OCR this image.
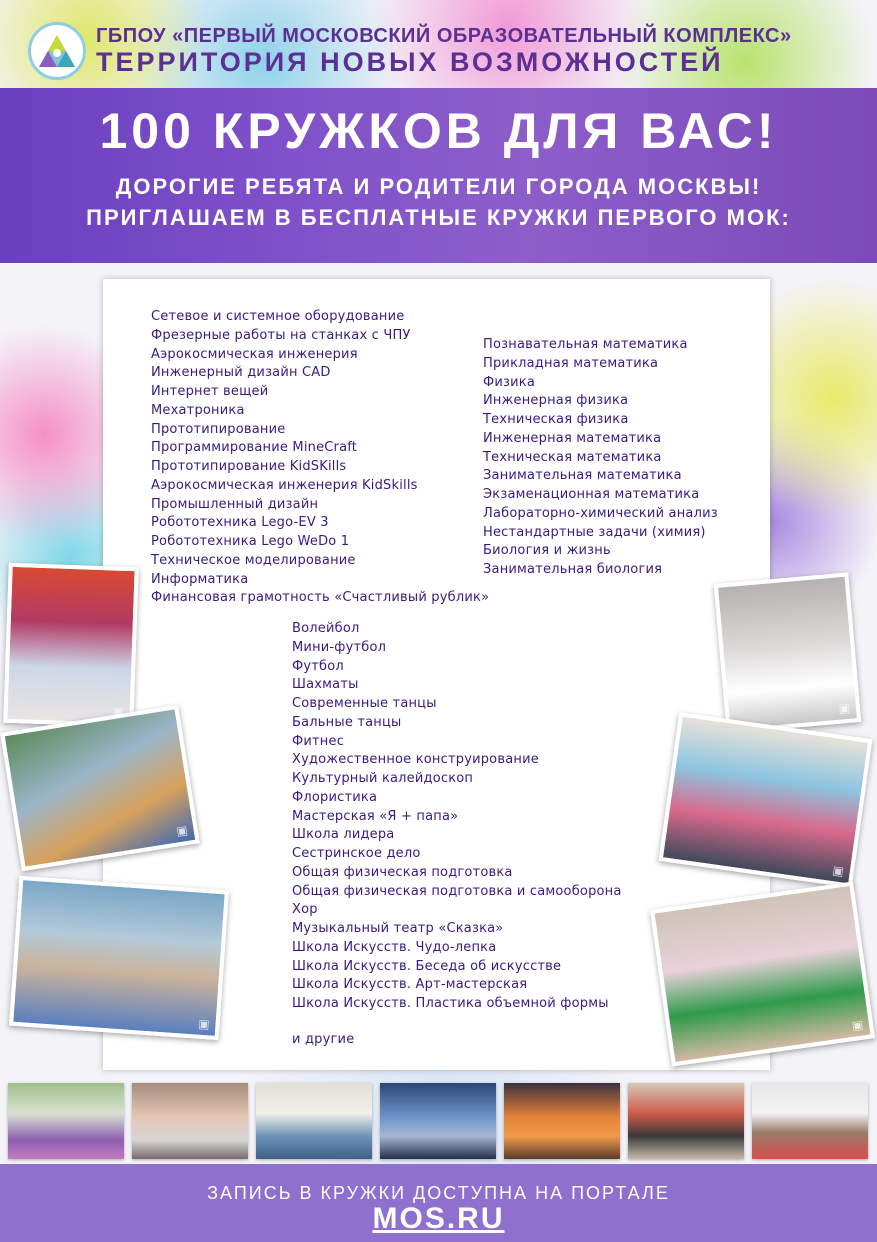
ГБПОУ «ПЕРВЫЙ МОСКОВСКИЙ ОБРАЗОВАТЕЛЬНЫЙ КОМПЛЕКС»
ТЕРРИТОРИЯ НОВЫХ ВОЗМОЖНОСТЕЙ
100 КРУЖКОВ ДЛЯ ВАС!
ДОРОГИЕ РЕБЯТА И РОДИТЕЛИ ГОРОДА МОСКВЫ!
ПРИГЛАШАЕМ В БЕСПЛАТНЫЕ КРУЖКИ ПЕРВОГО МОК:
Сетевое и системное оборудование
Фрезерные работы на станках с ЧПУ
Аэрокосмическая инженерия
Инженерный дизайн CAD
Интернет вещей
Мехатроника
Прототипирование
Программирование MineCraft
Прототипирование KidSKills
Аэрокосмическая инженерия KidSkills
Промышленный дизайн
Робототехника Lego-EV 3
Робототехника Lego WeDo 1
Техническое моделирование
Информатика
Финансовая грамотность «Счастливый рублик»
Познавательная математика
Прикладная математика
Физика
Инженерная физика
Техническая физика
Инженерная математика
Техническая математика
Занимательная математика
Экзаменационная математика
Лабораторно-химический анализ
Нестандартные задачи (химия)
Биология и жизнь
Занимательная биология
Волейбол
Мини-футбол
Футбол
Шахматы
Современные танцы
Бальные танцы
Фитнес
Художественное конструирование
Культурный калейдоскоп
Флористика
Мастерская «Я + папа»
Школа лидера
Сестринское дело
Общая физическая подготовка
Общая физическая подготовка и самооборона
Хор
Музыкальный театр «Сказка»
Школа Искусств. Чудо-лепка
Школа Искусств. Беседа об искусстве
Школа Искусств. Арт-мастерская
Школа Искусств. Пластика объемной формы
и другие
▣
▣
▣
▣
▣
▣
ЗАПИСЬ В КРУЖКИ ДОСТУПНА НА ПОРТАЛЕ
MOS.RU
